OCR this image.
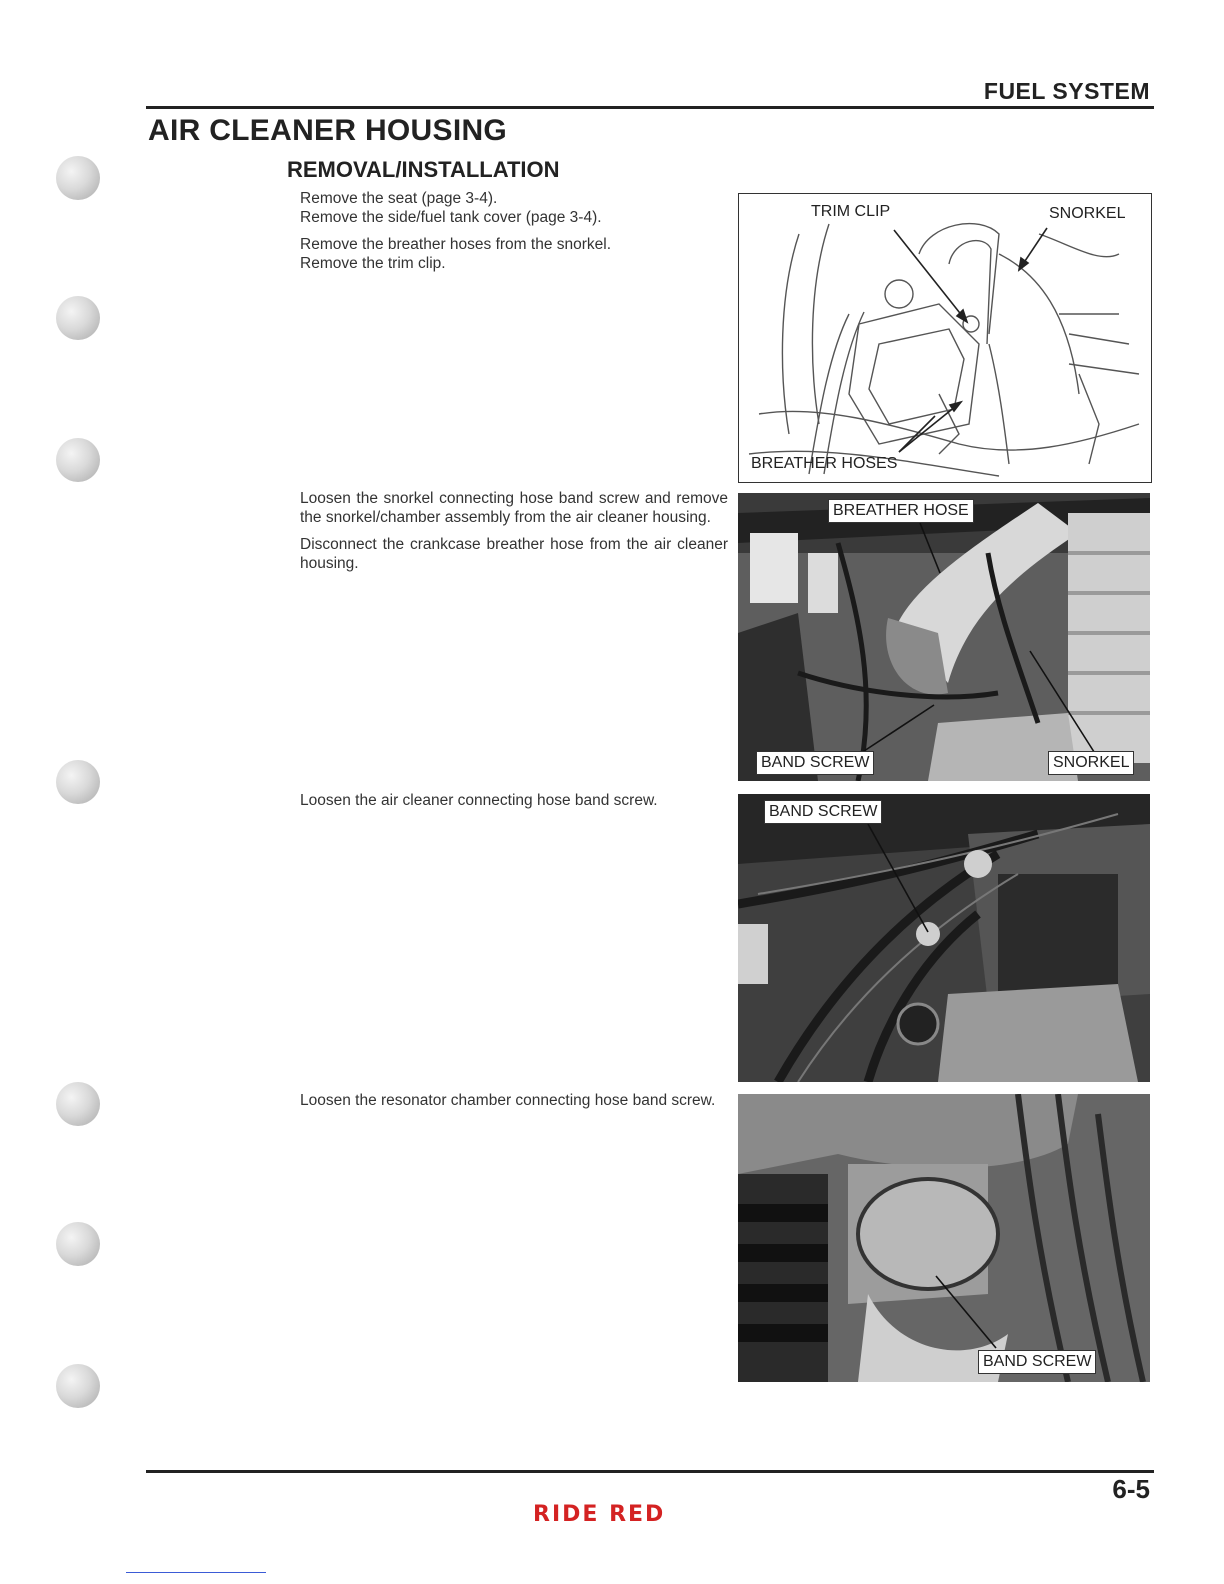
FUEL SYSTEM
AIR CLEANER HOUSING
REMOVAL/INSTALLATION

Remove the seat (page 3-4).

Remove the side/fuel tank cover (page 3-4).

Remove the breather hoses from the snorkel.

Remove the trim clip.

TRIM CLIP	SNORKEL
BREATHER HOSES

Loosen the snorkel connecting hose band screw and remove the snorkel/chamber assembly from the air cleaner housing.

Disconnect the crankcase breather hose from the air cleaner housing.

BREATHER HOSE
BAND SCREW	SNORKEL

Loosen the air cleaner connecting hose band screw.

BAND SCREW

Loosen the resonator chamber connecting hose band screw.

BAND SCREW

6-5

RIDE RED
